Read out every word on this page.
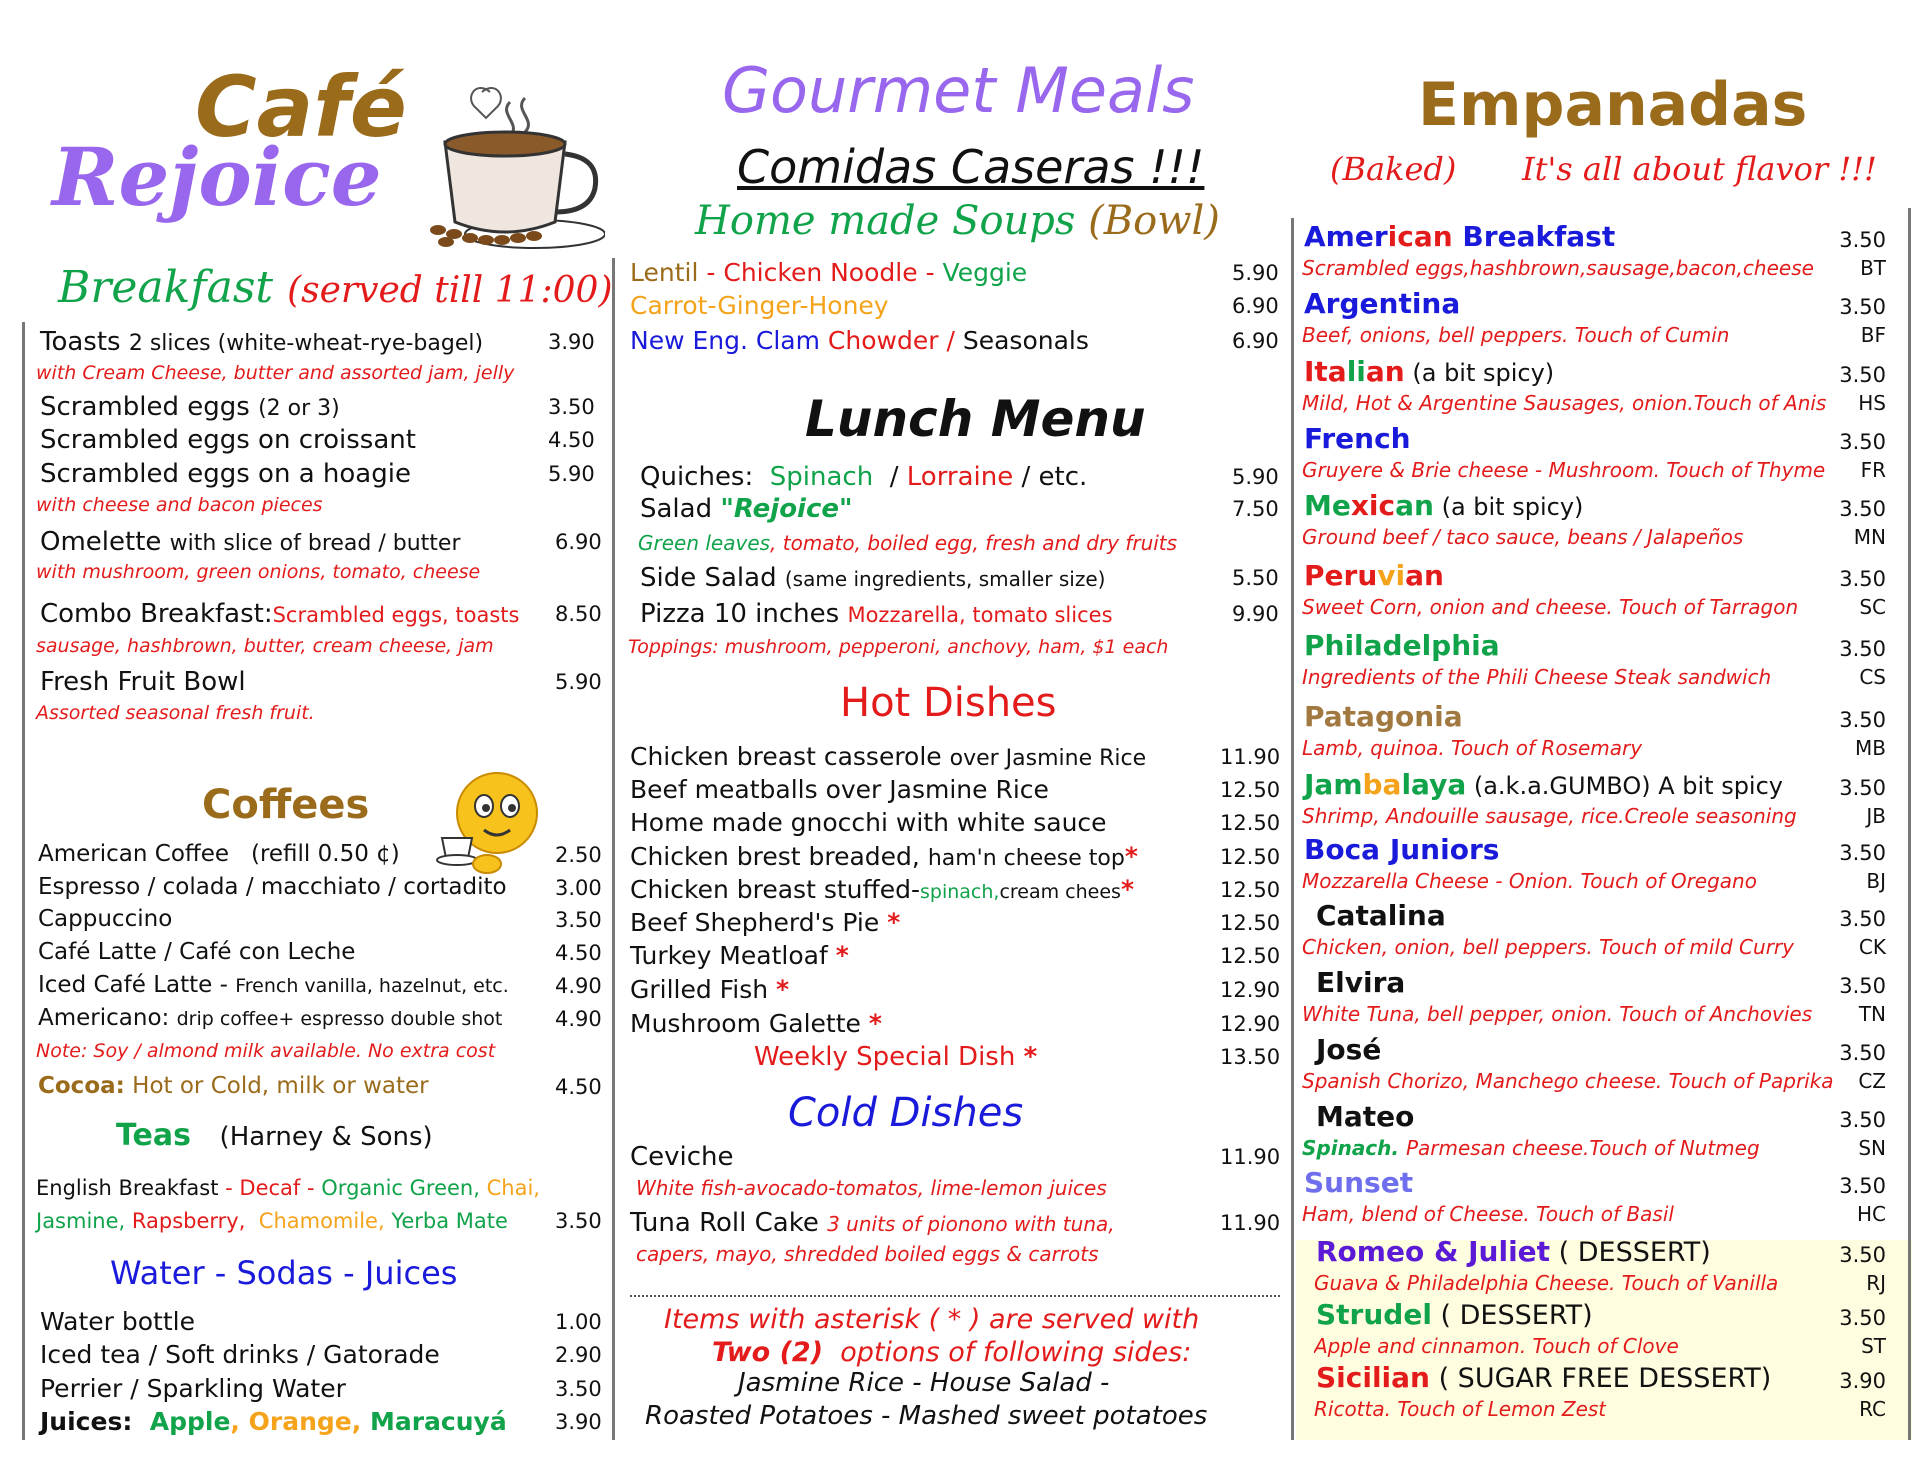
Café
Rejoice
Breakfast (served till 11:00)
Toasts 2 slices (white-wheat-rye-bagel)	3.90
with Cream Cheese, butter and assorted jam, jelly
Scrambled eggs (2 or 3)	3.50
Scrambled eggs on croissant	4.50
Scrambled eggs on a hoagie	5.90
with cheese and bacon pieces
Omelette with slice of bread / butter	6.90
with mushroom, green onions, tomato, cheese
Combo Breakfast:Scrambled eggs, toasts 8.50
sausage, hashbrown, butter, cream cheese, jam
Fresh Fruit Bowl	5.90
Assorted seasonal fresh fruit.
Coffees
American Coffee (refill 0.50 ¢)	2.50
Espresso / colada / macchiato / cortadito 3.00
Cappuccino	3.50
Café Latte / Café con Leche	4.50
Iced Café Latte - French vanilla, hazelnut, etc. 4.90
Americano: drip coffee+ espresso double shot	4.90
Note: Soy / almond milk available. No extra cost
Cocoa: Hot or Cold, milk or water	4.50
Teas (Harney & Sons)
English Breakfast - Decaf - Organic Green, Chai,
Jasmine, Rapsberry, Chamomile, Yerba Mate 3.50
Water - Sodas - Juices
Water bottle	1.00
Iced tea / Soft drinks / Gatorade	2.90
Perrier / Sparkling Water	3.50
Juices: Apple, Orange, Maracuyá 3.90
Gourmet Meals
Comidas Caseras !!!
Home made Soups (Bowl)
Lentil - Chicken Noodle - Veggie	5.90
Carrot-Ginger-Honey	6.90
New Eng. Clam Chowder / Seasonals	6.90
Lunch Menu
Quiches: Spinach / Lorraine / etc.	5.90
Salad "Rejoice"	7.50
Green leaves, tomato, boiled egg, fresh and dry fruits
Side Salad (same ingredients, smaller size)	5.50
Pizza 10 inches Mozzarella, tomato slices	9.90
Toppings: mushroom, pepperoni, anchovy, ham, $1 each
Hot Dishes
Chicken breast casserole over Jasmine Rice	11.90
Beef meatballs over Jasmine Rice	12.50
Home made gnocchi with white sauce	12.50
Chicken brest breaded, ham'n cheese top*	12.50
Chicken breast stuffed-spinach,cream chees*	12.50
Beef Shepherd's Pie *	12.50
Turkey Meatloaf *	12.50
Grilled Fish *	12.90
Mushroom Galette *	12.90
Weekly Special Dish *	13.50
Cold Dishes
Ceviche	11.90
White fish-avocado-tomatos, lime-lemon juices
Tuna Roll Cake 3 units of pionono with tuna,	11.90
capers, mayo, shredded boiled eggs & carrots
Items with asterisk ( * ) are served with
Two (2) options of following sides:
Jasmine Rice - House Salad -
Roasted Potatoes - Mashed sweet potatoes
Empanadas
(Baked) It's all about flavor !!!
American Breakfast	3.50
Scrambled eggs,hashbrown,sausage,bacon,cheese BT
Argentina	3.50
Beef, onions, bell peppers. Touch of Cumin	BF
Italian (a bit spicy)	3.50
Mild, Hot & Argentine Sausages, onion.Touch of Anis HS
French	3.50
Gruyere & Brie cheese - Mushroom. Touch of Thyme FR
Mexican (a bit spicy)	3.50
Ground beef / taco sauce, beans / Jalapeños	MN
Peruvian	3.50
Sweet Corn, onion and cheese. Touch of Tarragon	SC
Philadelphia	3.50
Ingredients of the Phili Cheese Steak sandwich	CS
Patagonia	3.50
Lamb, quinoa. Touch of Rosemary	MB
Jambalaya (a.k.a.GUMBO) A bit spicy	3.50
Shrimp, Andouille sausage, rice.Creole seasoning	JB
Boca Juniors	3.50
Mozzarella Cheese - Onion. Touch of Oregano	BJ
Catalina	3.50
Chicken, onion, bell peppers. Touch of mild Curry	CK
Elvira	3.50
White Tuna, bell pepper, onion. Touch of Anchovies TN
José	3.50
Spanish Chorizo, Manchego cheese. Touch of Paprika CZ
Mateo	3.50
Spinach. Parmesan cheese.Touch of Nutmeg	SN
Sunset	3.50
Ham, blend of Cheese. Touch of Basil	HC
Romeo & Juliet ( DESSERT)	3.50
Guava & Philadelphia Cheese. Touch of Vanilla	RJ
Strudel ( DESSERT)	3.50
Apple and cinnamon. Touch of Clove	ST
Sicilian ( SUGAR FREE DESSERT)	3.90
Ricotta. Touch of Lemon Zest	RC
